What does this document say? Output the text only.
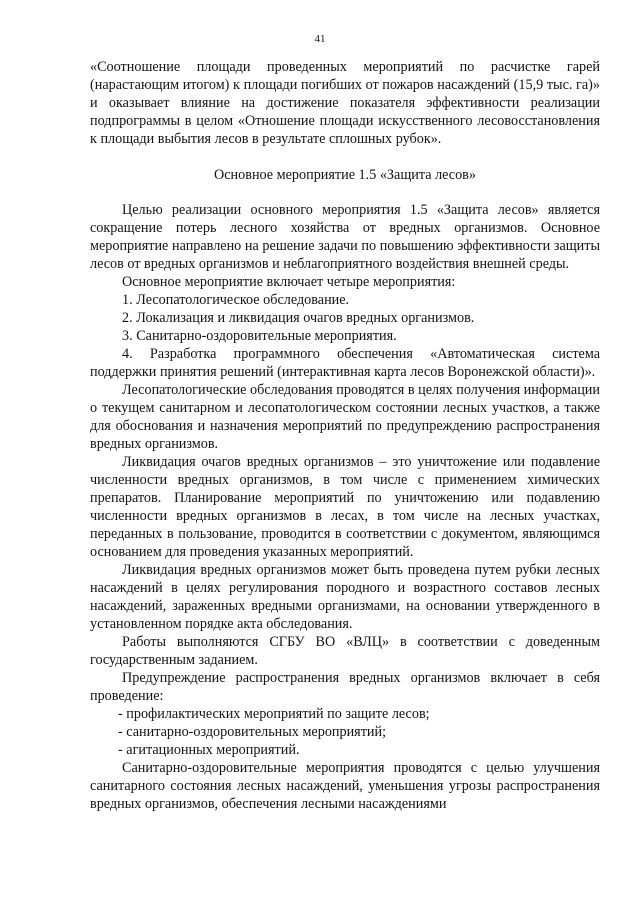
41

«Соотношение площади проведенных мероприятий по расчистке гарей (нарастающим итогом) к площади погибших от пожаров насаждений (15,9 тыс. га)» и оказывает влияние на достижение показателя эффективности реализации подпрограммы в целом «Отношение площади искусственного лесовосстановления к площади выбытия лесов в результате сплошных рубок».

Основное мероприятие 1.5 «Защита лесов»

Целью реализации основного мероприятия 1.5 «Защита лесов» является сокращение потерь лесного хозяйства от вредных организмов. Основное мероприятие направлено на решение задачи по повышению эффективности защиты лесов от вредных организмов и неблагоприятного воздействия внешней среды.

Основное мероприятие включает четыре мероприятия:

1. Лесопатологическое обследование.

2. Локализация и ликвидация очагов вредных организмов.

3. Санитарно-оздоровительные мероприятия.

4. Разработка программного обеспечения «Автоматическая система поддержки принятия решений (интерактивная карта лесов Воронежской области)».

Лесопатологические обследования проводятся в целях получения информации о текущем санитарном и лесопатологическом состоянии лесных участков, а также для обоснования и назначения мероприятий по предупреждению распространения вредных организмов.

Ликвидация очагов вредных организмов – это уничтожение или подавление численности вредных организмов, в том числе с применением химических препаратов. Планирование мероприятий по уничтожению или подавлению численности вредных организмов в лесах, в том числе на лесных участках, переданных в пользование, проводится в соответствии с документом, являющимся основанием для проведения указанных мероприятий.

Ликвидация вредных организмов может быть проведена путем рубки лесных насаждений в целях регулирования породного и возрастного составов лесных насаждений, зараженных вредными организмами, на основании утвержденного в установленном порядке акта обследования.

Работы выполняются СГБУ ВО «ВЛЦ» в соответствии с доведенным государственным заданием.

Предупреждение распространения вредных организмов включает в себя проведение:

- профилактических мероприятий по защите лесов;

- санитарно-оздоровительных мероприятий;

- агитационных мероприятий.

Санитарно-оздоровительные мероприятия проводятся с целью улучшения санитарного состояния лесных насаждений, уменьшения угрозы распространения вредных организмов, обеспечения лесными насаждениями
